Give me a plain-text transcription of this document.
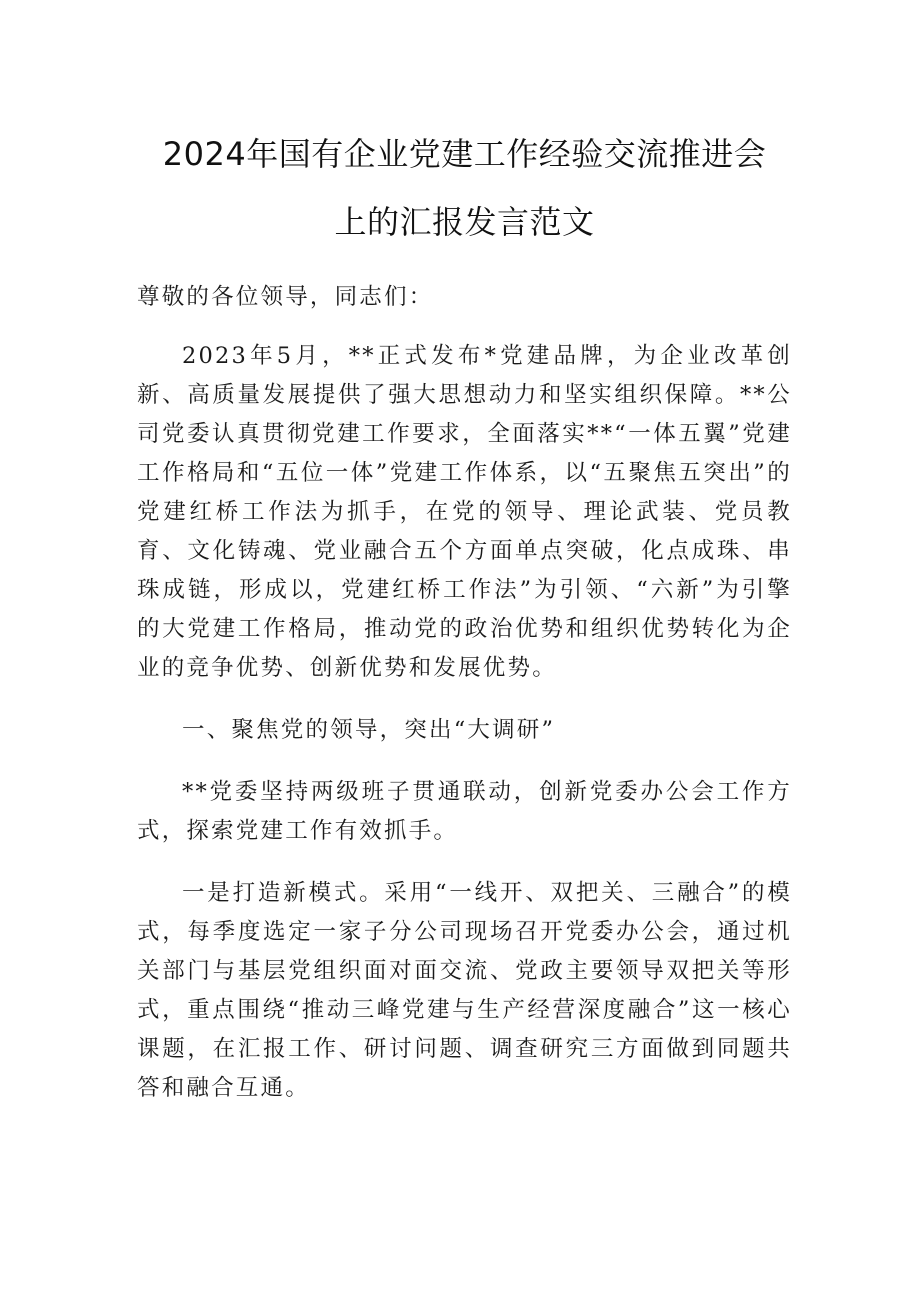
2024年国有企业党建工作经验交流推进会
上的汇报发言范文

尊敬的各位领导，同志们：

2023年5月，**正式发布*党建品牌，为企业改革创新、高质量发展提供了强大思想动力和坚实组织保障。**公司党委认真贯彻党建工作要求，全面落实**“一体五翼”党建工作格局和“五位一体”党建工作体系，以“五聚焦五突出”的党建红桥工作法为抓手，在党的领导、理论武装、党员教育、文化铸魂、党业融合五个方面单点突破，化点成珠、串珠成链，形成以，党建红桥工作法”为引领、“六新”为引擎的大党建工作格局，推动党的政治优势和组织优势转化为企业的竞争优势、创新优势和发展优势。

一、聚焦党的领导，突出“大调研”

**党委坚持两级班子贯通联动，创新党委办公会工作方式，探索党建工作有效抓手。

一是打造新模式。采用“一线开、双把关、三融合”的模式，每季度选定一家子分公司现场召开党委办公会，通过机关部门与基层党组织面对面交流、党政主要领导双把关等形式，重点围绕“推动三峰党建与生产经营深度融合”这一核心课题，在汇报工作、研讨问题、调查研究三方面做到同题共答和融合互通。
